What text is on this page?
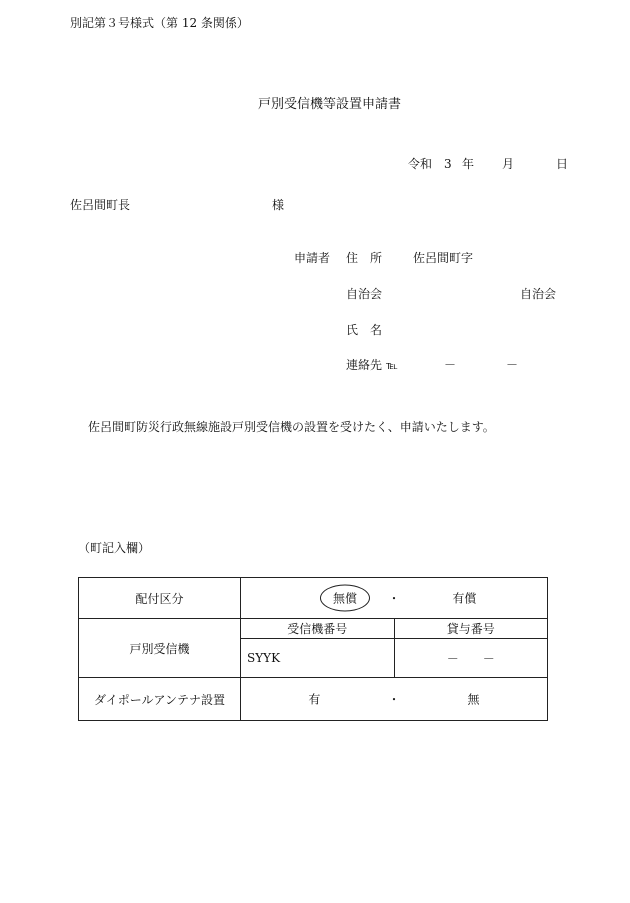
別記第３号様式（第 12 条関係）
戸別受信機等設置申請書
令和 3 年 月	日
佐呂間町長	様
申請者 住　所	佐呂間町字
自治会	自治会
氏　名
連絡先 ℡	－	－
佐呂間町防災行政無線施設戸別受信機の設置を受けたく、申請いたします。
（町記入欄）
配付区分	無償 ・ 有償	

戸別受信機	受信機番号	貸与番号
	SYYK	－　　－
ダイポールアンテナ設置	有 ・ 無	
